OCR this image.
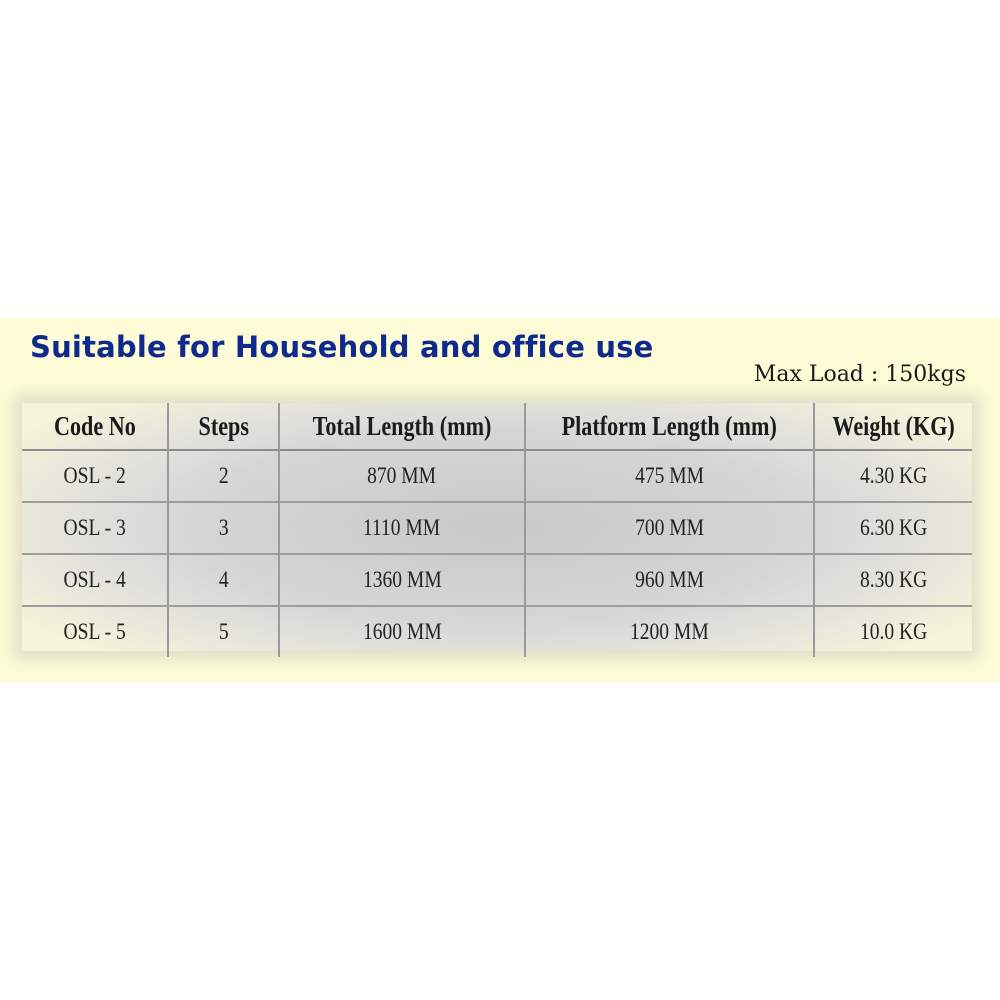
Suitable for Household and office use
Max Load : 150kgs
Code No	Steps	Total Length (mm)	Platform Length (mm)	Weight (KG)
OSL - 2	2	870 MM	475 MM	4.30 KG
OSL - 3	3	1110 MM	700 MM	6.30 KG
OSL - 4	4	1360 MM	960 MM	8.30 KG
OSL - 5	5	1600 MM	1200 MM	10.0 KG
